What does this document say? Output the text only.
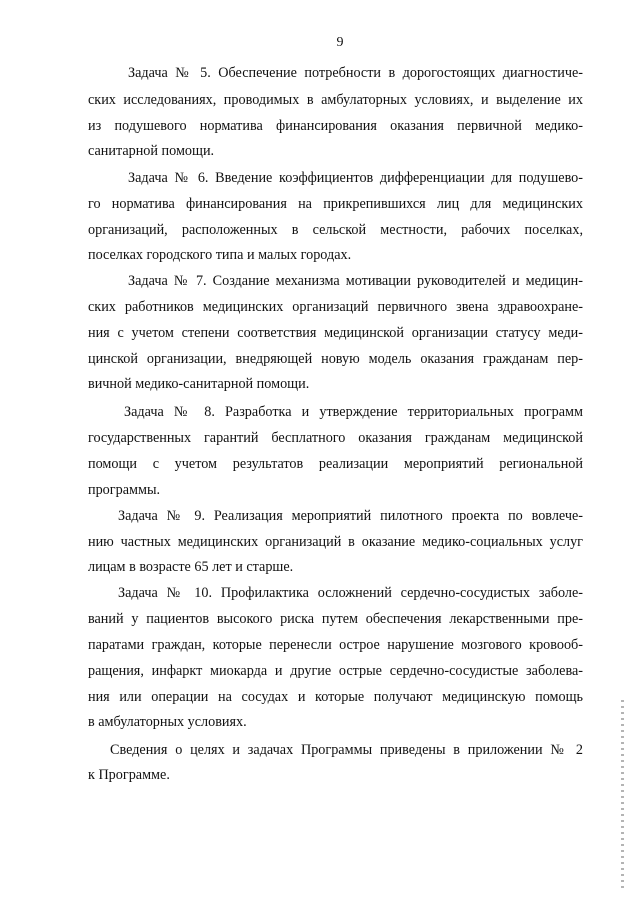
9
Задача № 5. Обеспечение потребности в дорогостоящих диагностиче-
ских исследованиях, проводимых в амбулаторных условиях, и выделение их
из подушевого норматива финансирования оказания первичной медико-
санитарной помощи.
Задача № 6. Введение коэффициентов дифференциации для подушево-
го норматива финансирования на прикрепившихся лиц для медицинских
организаций, расположенных в сельской местности, рабочих поселках,
поселках городского типа и малых городах.
Задача № 7. Создание механизма мотивации руководителей и медицин-
ских работников медицинских организаций первичного звена здравоохране-
ния с учетом степени соответствия медицинской организации статусу меди-
цинской организации, внедряющей новую модель оказания гражданам пер-
вичной медико-санитарной помощи.
Задача № 8. Разработка и утверждение территориальных программ
государственных гарантий бесплатного оказания гражданам медицинской
помощи с учетом результатов реализации мероприятий региональной
программы.
Задача № 9. Реализация мероприятий пилотного проекта по вовлече-
нию частных медицинских организаций в оказание медико-социальных услуг
лицам в возрасте 65 лет и старше.
Задача № 10. Профилактика осложнений сердечно-сосудистых заболе-
ваний у пациентов высокого риска путем обеспечения лекарственными пре-
паратами граждан, которые перенесли острое нарушение мозгового кровооб-
ращения, инфаркт миокарда и другие острые сердечно-сосудистые заболева-
ния или операции на сосудах и которые получают медицинскую помощь
в амбулаторных условиях.
Сведения о целях и задачах Программы приведены в приложении № 2
к Программе.
